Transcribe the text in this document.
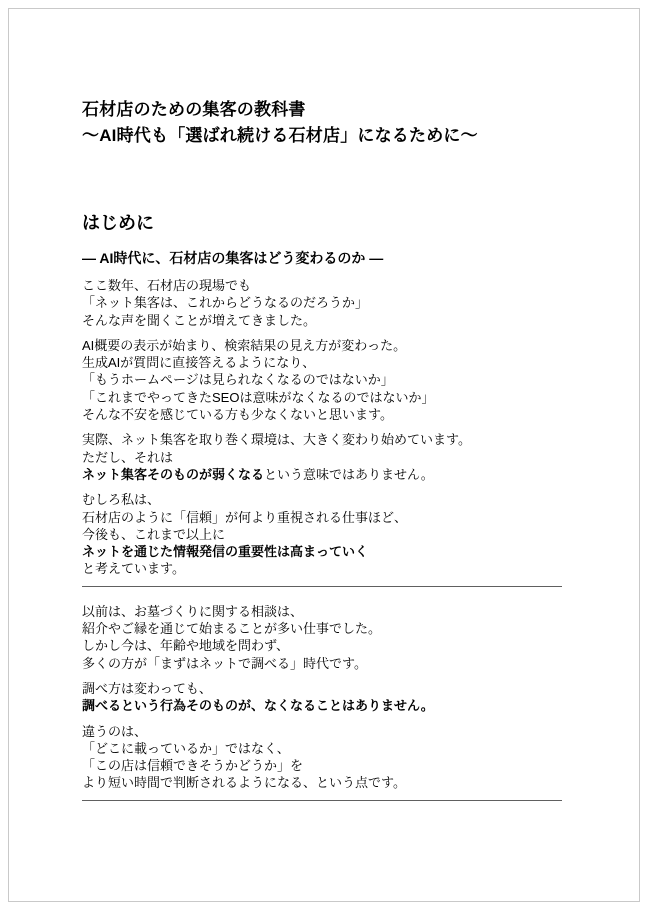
石材店のための集客の教科書
～AI時代も「選ばれ続ける石材店」になるために～
はじめに
— AI時代に、石材店の集客はどう変わるのか —

ここ数年、石材店の現場でも
「ネット集客は、これからどうなるのだろうか」
そんな声を聞くことが増えてきました。

AI概要の表示が始まり、検索結果の見え方が変わった。
生成AIが質問に直接答えるようになり、
「もうホームページは見られなくなるのではないか」
「これまでやってきたSEOは意味がなくなるのではないか」
そんな不安を感じている方も少なくないと思います。

実際、ネット集客を取り巻く環境は、大きく変わり始めています。
ただし、それは
ネット集客そのものが弱くなるという意味ではありません。

むしろ私は、
石材店のように「信頼」が何より重視される仕事ほど、
今後も、これまで以上に
ネットを通じた情報発信の重要性は高まっていく
と考えています。

以前は、お墓づくりに関する相談は、
紹介やご縁を通じて始まることが多い仕事でした。
しかし今は、年齢や地域を問わず、
多くの方が「まずはネットで調べる」時代です。

調べ方は変わっても、
調べるという行為そのものが、なくなることはありません。

違うのは、
「どこに載っているか」ではなく、
「この店は信頼できそうかどうか」を
より短い時間で判断されるようになる、という点です。
